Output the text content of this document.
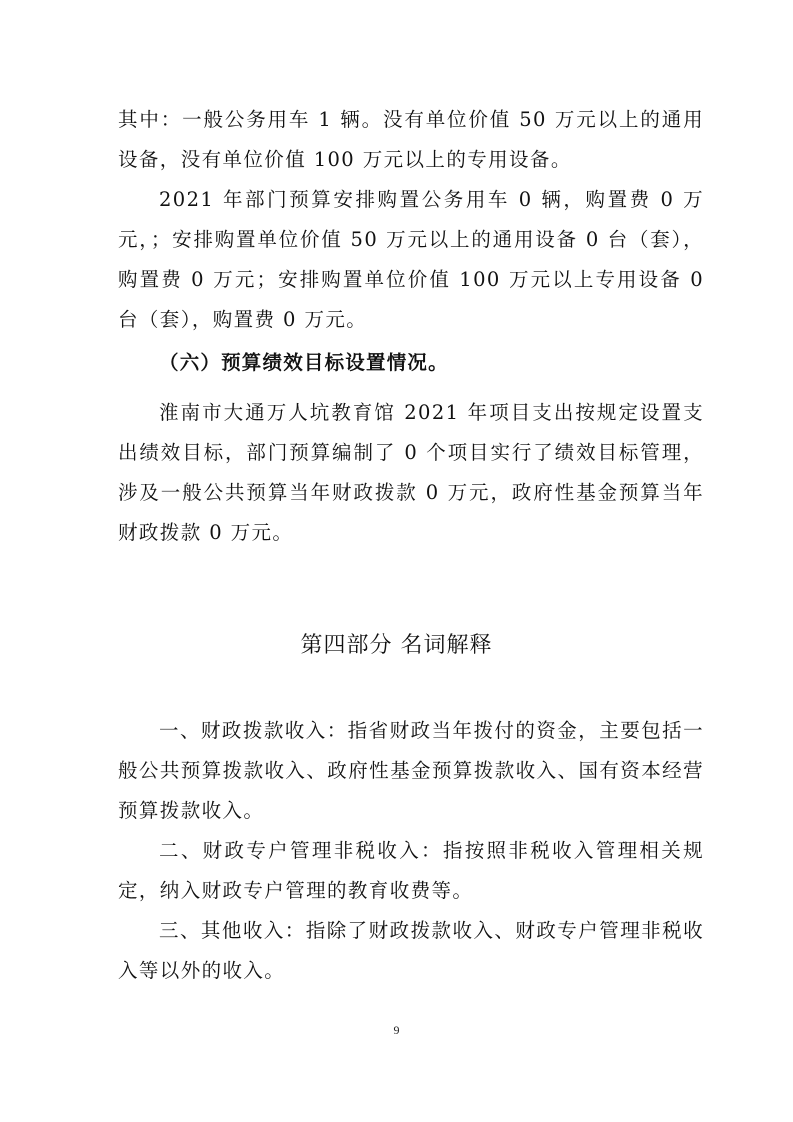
其中：一般公务用车 1 辆。没有单位价值 50 万元以上的通用设备，没有单位价值 100 万元以上的专用设备。

2021 年部门预算安排购置公务用车 0 辆，购置费 0 万元，；安排购置单位价值 50 万元以上的通用设备 0 台（套），购置费 0 万元；安排购置单位价值 100 万元以上专用设备 0 台（套），购置费 0 万元。

（六）预算绩效目标设置情况。

淮南市大通万人坑教育馆 2021 年项目支出按规定设置支出绩效目标，部门预算编制了 0 个项目实行了绩效目标管理，涉及一般公共预算当年财政拨款 0 万元，政府性基金预算当年财政拨款 0 万元。

第四部分 名词解释

一、财政拨款收入：指省财政当年拨付的资金，主要包括一般公共预算拨款收入、政府性基金预算拨款收入、国有资本经营预算拨款收入。

二、财政专户管理非税收入：指按照非税收入管理相关规定，纳入财政专户管理的教育收费等。

三、其他收入：指除了财政拨款收入、财政专户管理非税收入等以外的收入。

9
